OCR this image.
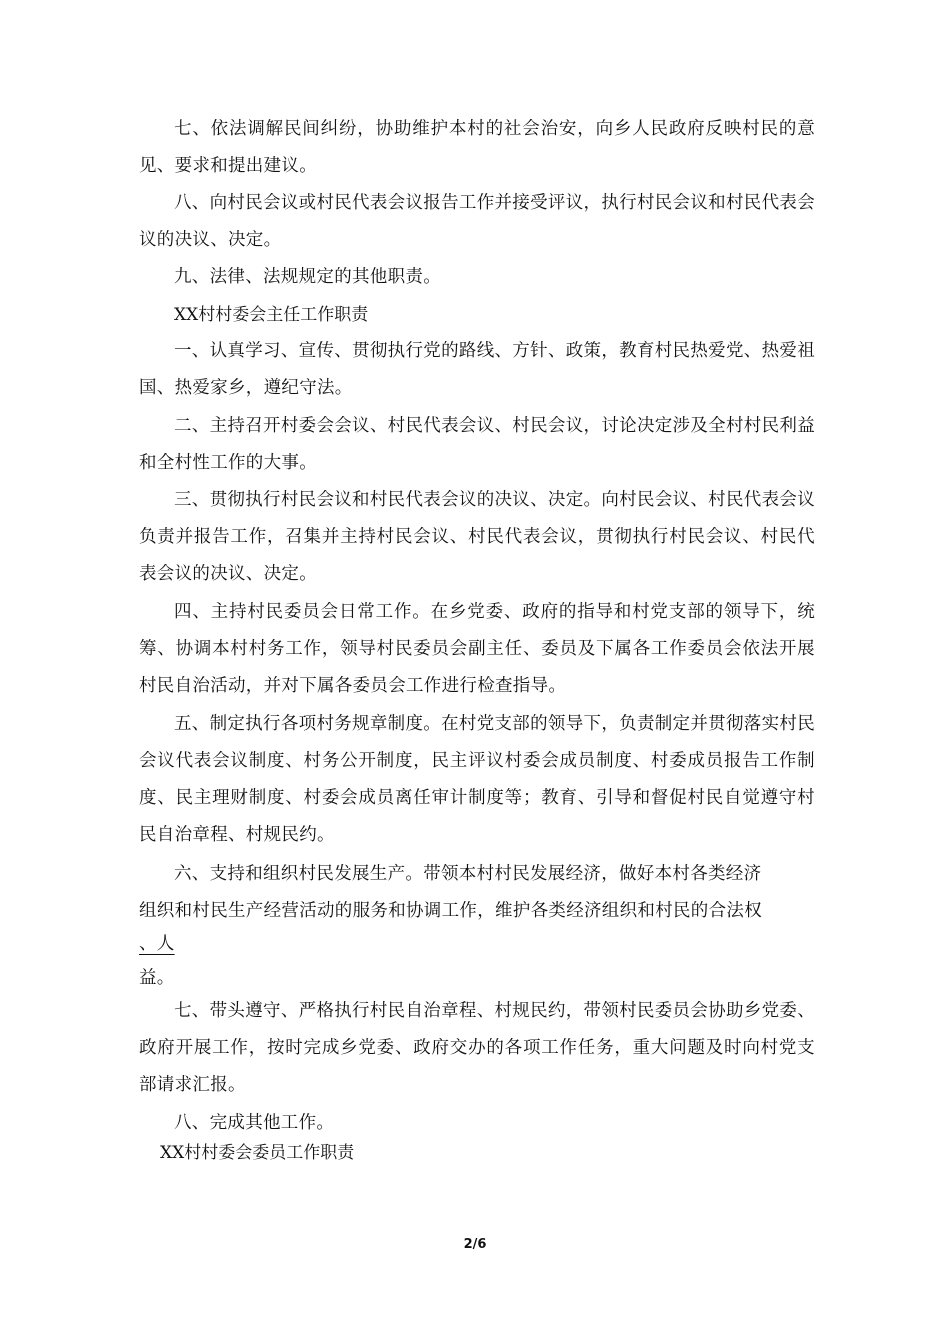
七、依法调解民间纠纷，协助维护本村的社会治安，向乡人民政府反映村民的意见、要求和提出建议。

八、向村民会议或村民代表会议报告工作并接受评议，执行村民会议和村民代表会议的决议、决定。

九、法律、法规规定的其他职责。

XX村村委会主任工作职责

一、认真学习、宣传、贯彻执行党的路线、方针、政策，教育村民热爱党、热爱祖国、热爱家乡，遵纪守法。

二、主持召开村委会会议、村民代表会议、村民会议，讨论决定涉及全村村民利益和全村性工作的大事。

三、贯彻执行村民会议和村民代表会议的决议、决定。向村民会议、村民代表会议负责并报告工作，召集并主持村民会议、村民代表会议，贯彻执行村民会议、村民代表会议的决议、决定。

四、主持村民委员会日常工作。在乡党委、政府的指导和村党支部的领导下，统筹、协调本村村务工作，领导村民委员会副主任、委员及下属各工作委员会依法开展村民自治活动，并对下属各委员会工作进行检查指导。

五、制定执行各项村务规章制度。在村党支部的领导下，负责制定并贯彻落实村民会议代表会议制度、村务公开制度，民主评议村委会成员制度、村委成员报告工作制度、民主理财制度、村委会成员离任审计制度等；教育、引导和督促村民自觉遵守村民自治章程、村规民约。

六、支持和组织村民发展生产。带领本村村民发展经济，做好本村各类经济
组织和村民生产经营活动的服务和协调工作，维护各类经济组织和村民的合法权
、人
益。

七、带头遵守、严格执行村民自治章程、村规民约，带领村民委员会协助乡党委、政府开展工作，按时完成乡党委、政府交办的各项工作任务，重大问题及时向村党支部请求汇报。

八、完成其他工作。

XX村村委会委员工作职责

2/6
